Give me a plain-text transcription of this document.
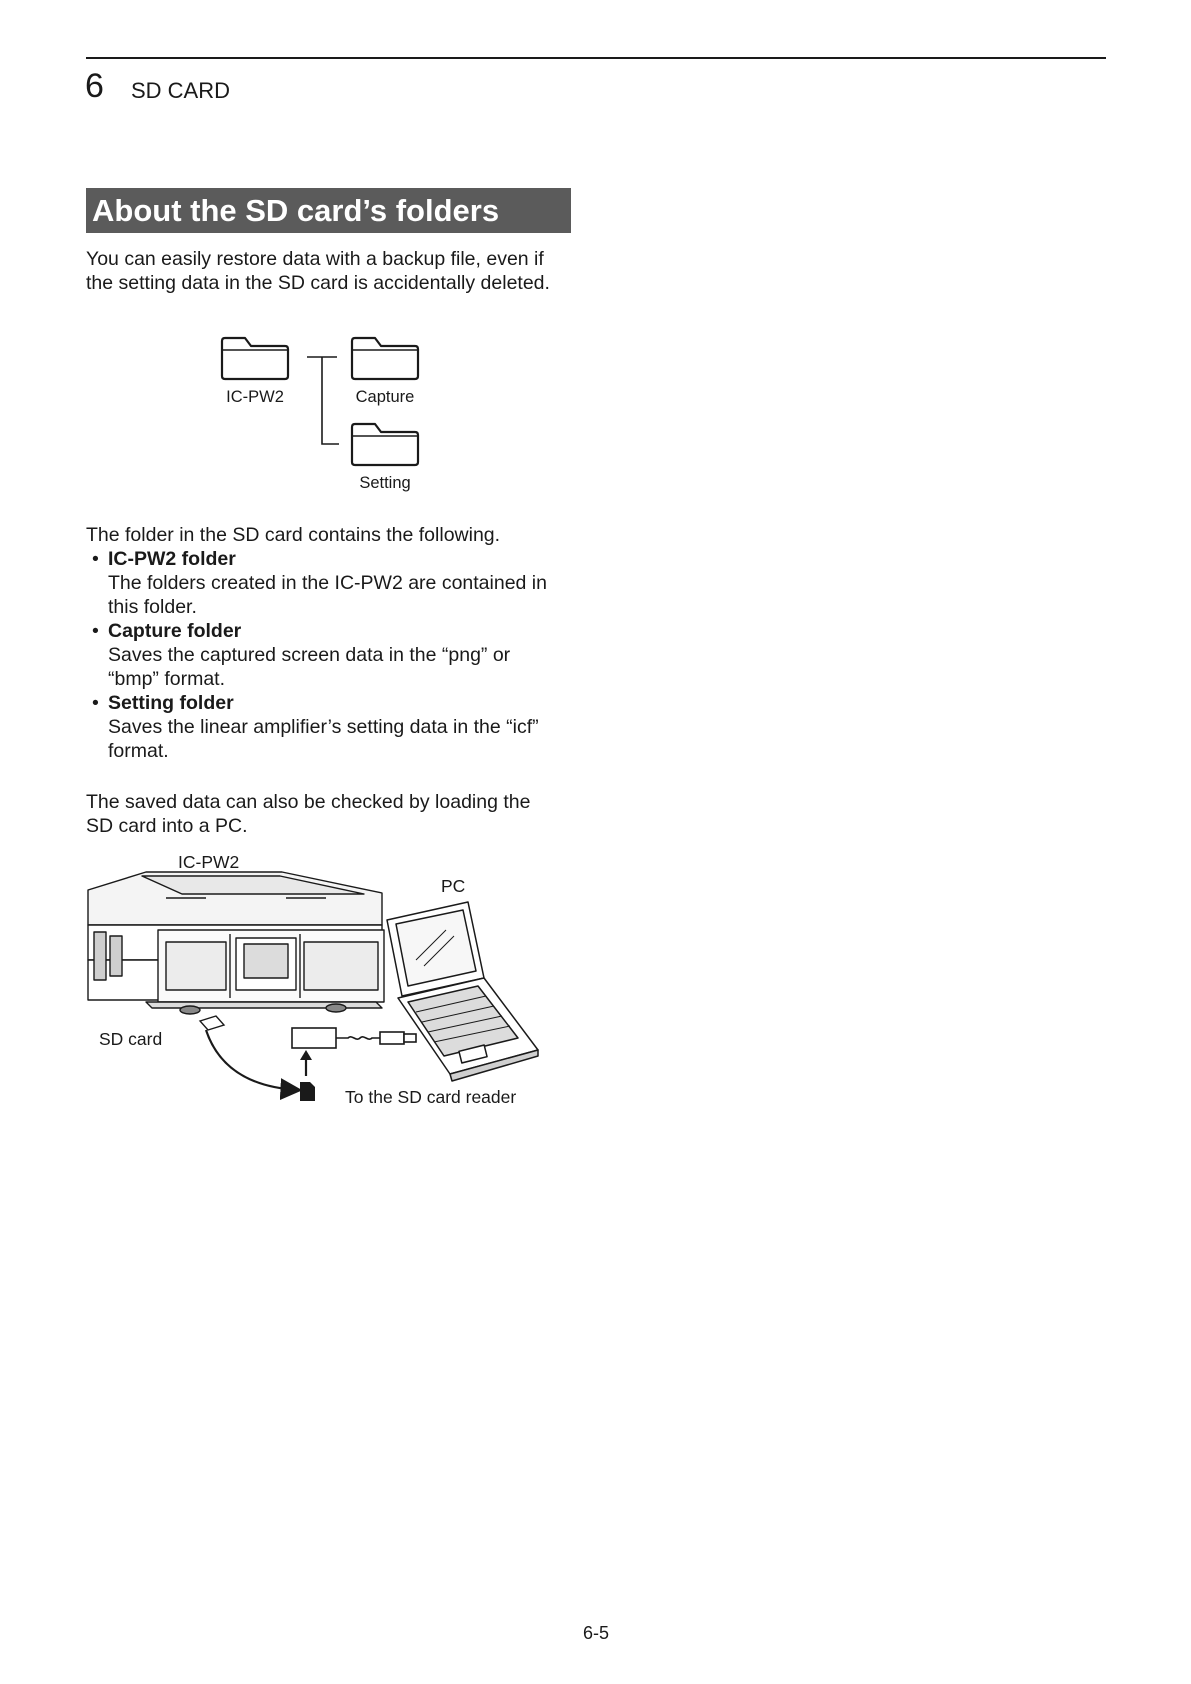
6 SD CARD
About the SD card’s folders

You can easily restore data with a backup file, even if
the setting data in the SD card is accidentally deleted.

IC-PW2	Capture
Setting

The folder in the SD card contains the following.

• IC-PW2 folder
The folders created in the IC-PW2 are contained in
this folder.
• Capture folder
Saves the captured screen data in the “png” or
“bmp” format.
• Setting folder
Saves the linear amplifier’s setting data in the “icf”
format.

The saved data can also be checked by loading the
SD card into a PC.

IC-PW2
PC
SD card
To the SD card reader
6-5
